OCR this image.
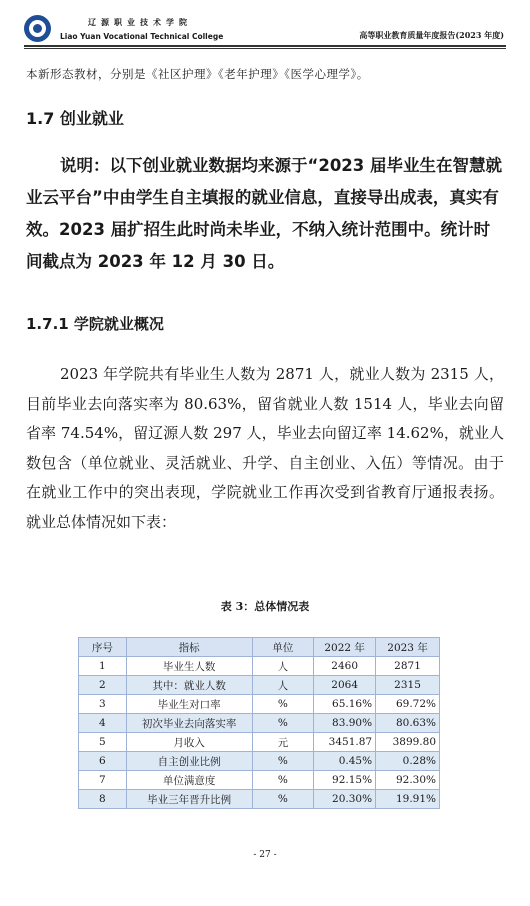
辽源职业技术学院
Liao Yuan Vocational Technical College	高等职业教育质量年度报告(2023 年度)
本新形态教材，分别是《社区护理》《老年护理》《医学心理学》。
1.7 创业就业
说明：以下创业就业数据均来源于“2023 届毕业生在智慧就业云平台”中由学生自主填报的就业信息，直接导出成表，真实有效。2023 届扩招生此时尚未毕业，不纳入统计范围中。统计时间截点为 2023 年 12 月 30 日。
1.7.1 学院就业概况
2023 年学院共有毕业生人数为 2871 人，就业人数为 2315 人，目前毕业去向落实率为 80.63%，留省就业人数 1514 人，毕业去向留省率 74.54%，留辽源人数 297 人，毕业去向留辽率 14.62%，就业人数包含（单位就业、灵活就业、升学、自主创业、入伍）等情况。由于在就业工作中的突出表现，学院就业工作再次受到省教育厅通报表扬。就业总体情况如下表：
表 3：总体情况表
序号	指标	单位	2022 年	2023 年
1	毕业生人数	人	2460	2871
2	其中：就业人数	人	2064	2315
3	毕业生对口率	%	65.16%	69.72%
4	初次毕业去向落实率	%	83.90%	80.63%
5	月收入	元	3451.87	3899.80
6	自主创业比例	%	0.45%	0.28%
7	单位满意度	%	92.15%	92.30%
8	毕业三年晋升比例	%	20.30%	19.91%
- 27 -
